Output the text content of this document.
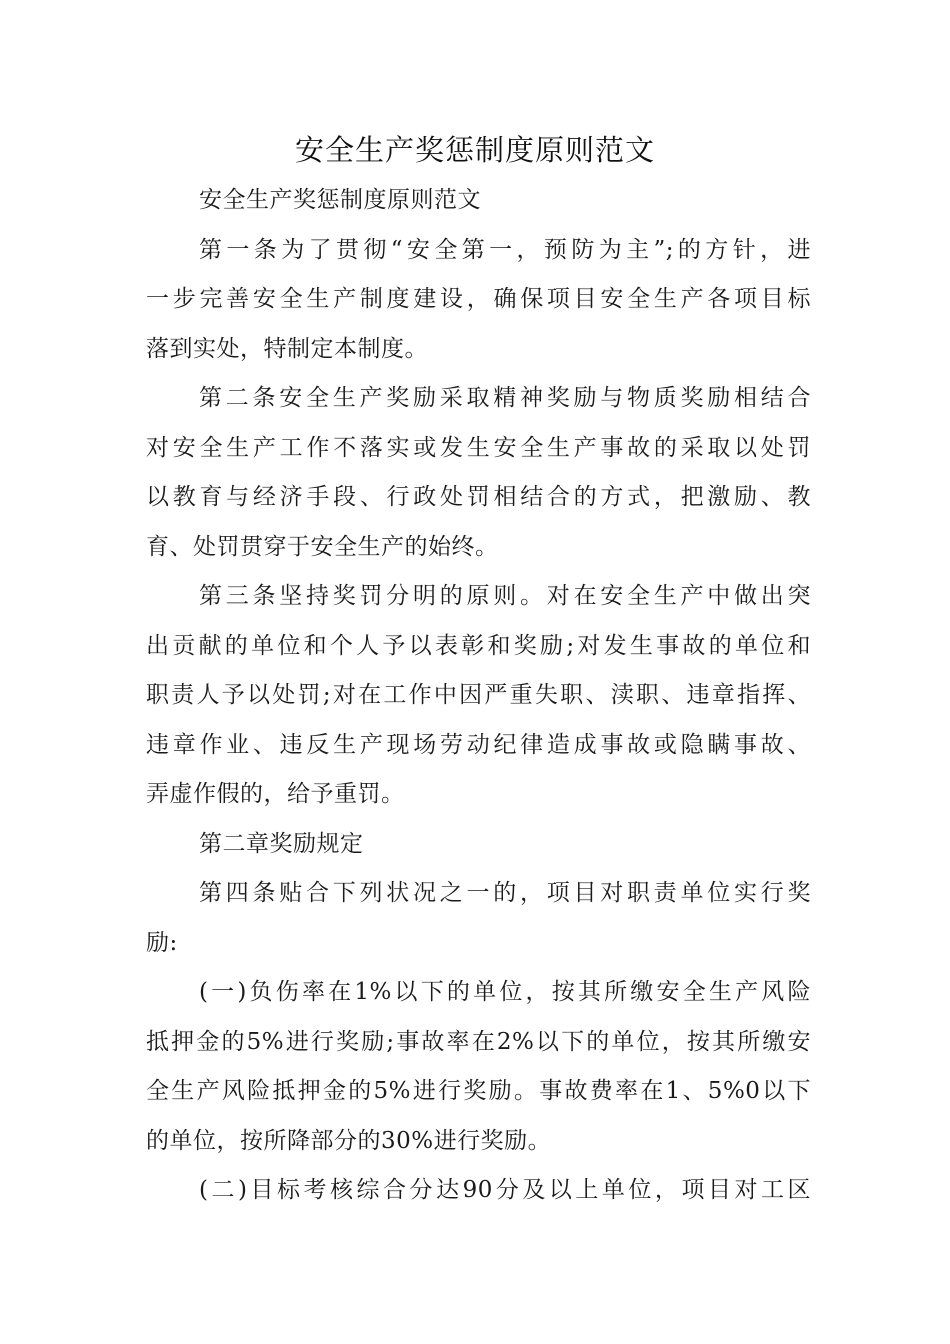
安全生产奖惩制度原则范文
安全生产奖惩制度原则范文
第一条为了贯彻“安全第一，预防为主”;的方针，进
一步完善安全生产制度建设，确保项目安全生产各项目标
落到实处，特制定本制度。
第二条安全生产奖励采取精神奖励与物质奖励相结合
对安全生产工作不落实或发生安全生产事故的采取以处罚
以教育与经济手段、行政处罚相结合的方式，把激励、教
育、处罚贯穿于安全生产的始终。
第三条坚持奖罚分明的原则。对在安全生产中做出突
出贡献的单位和个人予以表彰和奖励;对发生事故的单位和
职责人予以处罚;对在工作中因严重失职、渎职、违章指挥、
违章作业、违反生产现场劳动纪律造成事故或隐瞒事故、
弄虚作假的，给予重罚。
第二章奖励规定
第四条贴合下列状况之一的，项目对职责单位实行奖
励:
(一)负伤率在1%以下的单位，按其所缴安全生产风险
抵押金的5%进行奖励;事故率在2%以下的单位，按其所缴安
全生产风险抵押金的5%进行奖励。事故费率在1、5%0以下
的单位，按所降部分的30%进行奖励。
(二)目标考核综合分达90分及以上单位，项目对工区
